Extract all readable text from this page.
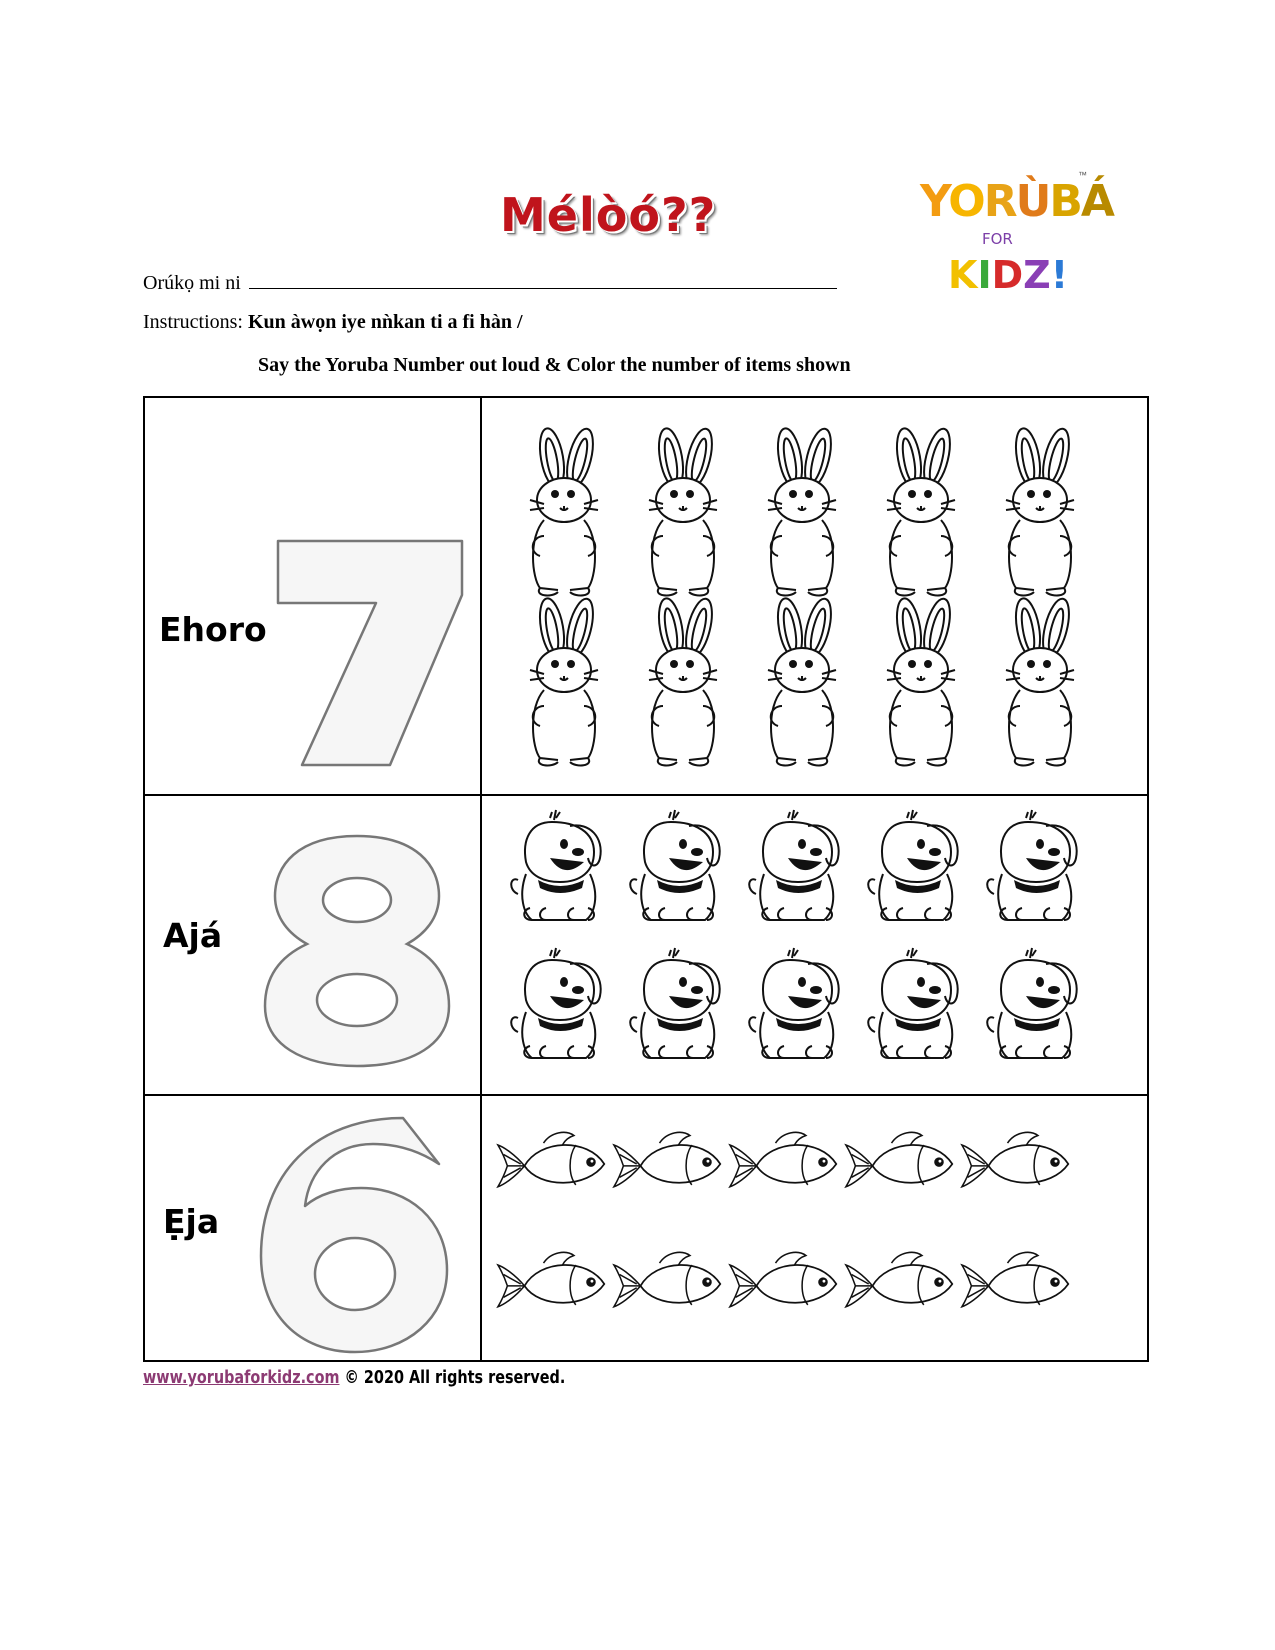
Mélòó??	YORÙBÁ
™
FOR
KIDZ!
Orúkọ mi ni
Instructions: Kun àwọn iye nǹkan ti a fi hàn /
Say the Yoruba Number out loud & Color the number of items shown
Ehoro
Ajá
Ẹja
www.yorubaforkidz.com © 2020 All rights reserved.
